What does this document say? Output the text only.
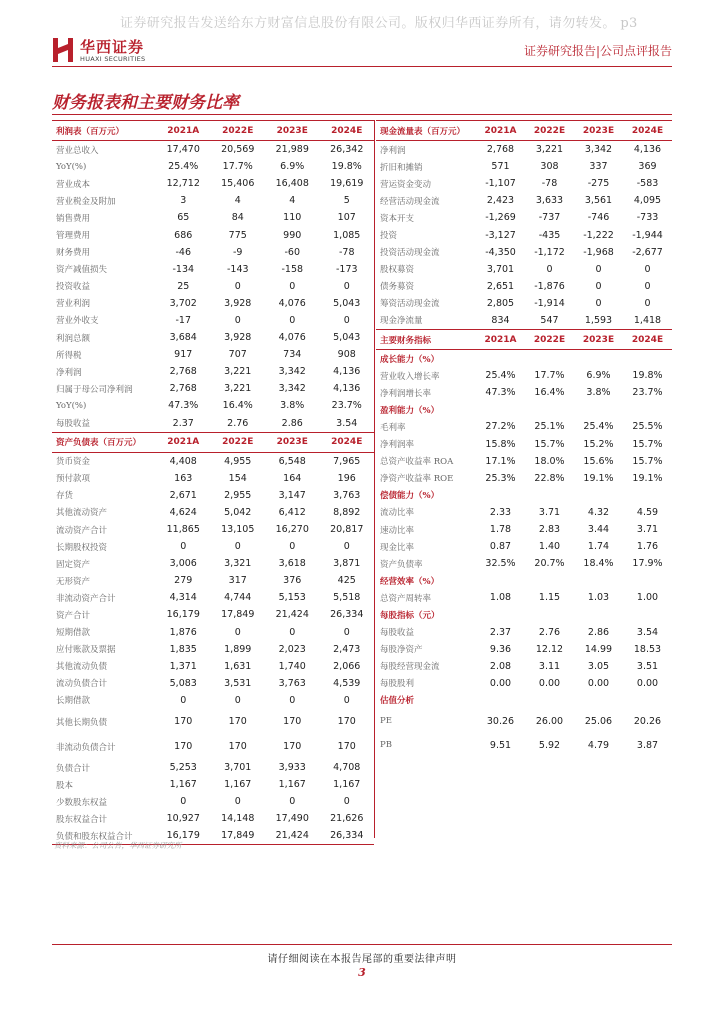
证券研究报告发送给东方财富信息股份有限公司。版权归华西证券所有，请勿转发。 p3
华西证券
HUAXI SECURITIES
证券研究报告|公司点评报告
财务报表和主要财务比率
利润表（百万元）	2021A	2022E	2023E	2024E
营业总收入	17,470	20,569	21,989	26,342
YoY(%)	25.4%	17.7%	6.9%	19.8%
营业成本	12,712	15,406	16,408	19,619
营业税金及附加	3	4	4	5
销售费用	65	84	110	107
管理费用	686	775	990	1,085
财务费用	-46	-9	-60	-78
资产减值损失	-134	-143	-158	-173
投资收益	25	0	0	0
营业利润	3,702	3,928	4,076	5,043
营业外收支	-17	0	0	0
利润总额	3,684	3,928	4,076	5,043
所得税	917	707	734	908
净利润	2,768	3,221	3,342	4,136
归属于母公司净利润	2,768	3,221	3,342	4,136
YoY(%)	47.3%	16.4%	3.8%	23.7%
每股收益	2.37	2.76	2.86	3.54
资产负债表（百万元）	2021A	2022E	2023E	2024E
货币资金	4,408	4,955	6,548	7,965
预付款项	163	154	164	196
存货	2,671	2,955	3,147	3,763
其他流动资产	4,624	5,042	6,412	8,892
流动资产合计	11,865	13,105	16,270	20,817
长期股权投资	0	0	0	0
固定资产	3,006	3,321	3,618	3,871
无形资产	279	317	376	425
非流动资产合计	4,314	4,744	5,153	5,518
资产合计	16,179	17,849	21,424	26,334
短期借款	1,876	0	0	0
应付账款及票据	1,835	1,899	2,023	2,473
其他流动负债	1,371	1,631	1,740	2,066
流动负债合计	5,083	3,531	3,763	4,539
长期借款	0	0	0	0
其他长期负债	170	170	170	170
非流动负债合计	170	170	170	170
负债合计	5,253	3,701	3,933	4,708
股本	1,167	1,167	1,167	1,167
少数股东权益	0	0	0	0
股东权益合计	10,927	14,148	17,490	21,626
负债和股东权益合计	16,179	17,849	21,424	26,334
现金流量表（百万元）	2021A	2022E	2023E	2024E
净利润	2,768	3,221	3,342	4,136
折旧和摊销	571	308	337	369
营运资金变动	-1,107	-78	-275	-583
经营活动现金流	2,423	3,633	3,561	4,095
资本开支	-1,269	-737	-746	-733
投资	-3,127	-435	-1,222	-1,944
投资活动现金流	-4,350	-1,172	-1,968	-2,677
股权募资	3,701	0	0	0
债务募资	2,651	-1,876	0	0
筹资活动现金流	2,805	-1,914	0	0
现金净流量	834	547	1,593	1,418
主要财务指标	2021A	2022E	2023E	2024E
成长能力（%）				
营业收入增长率	25.4%	17.7%	6.9%	19.8%
净利润增长率	47.3%	16.4%	3.8%	23.7%
盈利能力（%）				
毛利率	27.2%	25.1%	25.4%	25.5%
净利润率	15.8%	15.7%	15.2%	15.7%
总资产收益率 ROA	17.1%	18.0%	15.6%	15.7%
净资产收益率 ROE	25.3%	22.8%	19.1%	19.1%
偿债能力（%）				
流动比率	2.33	3.71	4.32	4.59
速动比率	1.78	2.83	3.44	3.71
现金比率	0.87	1.40	1.74	1.76
资产负债率	32.5%	20.7%	18.4%	17.9%
经营效率（%）				
总资产周转率	1.08	1.15	1.03	1.00
每股指标（元）				
每股收益	2.37	2.76	2.86	3.54
每股净资产	9.36	12.12	14.99	18.53
每股经营现金流	2.08	3.11	3.05	3.51
每股股利	0.00	0.00	0.00	0.00
估值分析				
PE	30.26	26.00	25.06	20.26
PB	9.51	5.92	4.79	3.87
资料来源：公司公告，华西证券研究所
请仔细阅读在本报告尾部的重要法律声明
3
